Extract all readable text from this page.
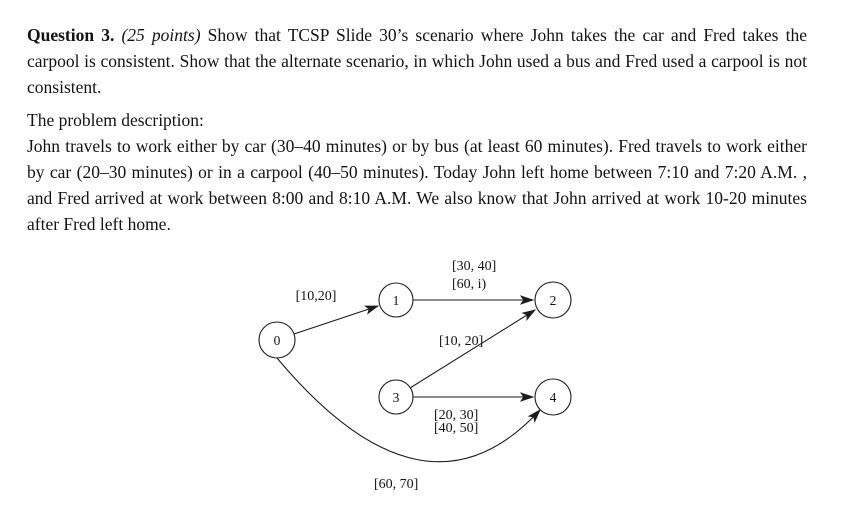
Question 3. (25 points) Show that TCSP Slide 30’s scenario where John takes the car and Fred takes the carpool is consistent. Show that the alternate scenario, in which John used a bus and Fred used a carpool is not consistent.

The problem description:
John travels to work either by car (30–40 minutes) or by bus (at least 60 minutes). Fred travels to work either by car (20–30 minutes) or in a carpool (40–50 minutes). Today John left home between 7:10 and 7:20 A.M. , and Fred arrived at work between 8:00 and 8:10 A.M. We also know that John arrived at work 10-20 minutes after Fred left home.

[10,20]
[30, 40]
[60, i)
[10, 20]
[20, 30]
[40, 50]
[60, 70]
0
1	2
3	4
